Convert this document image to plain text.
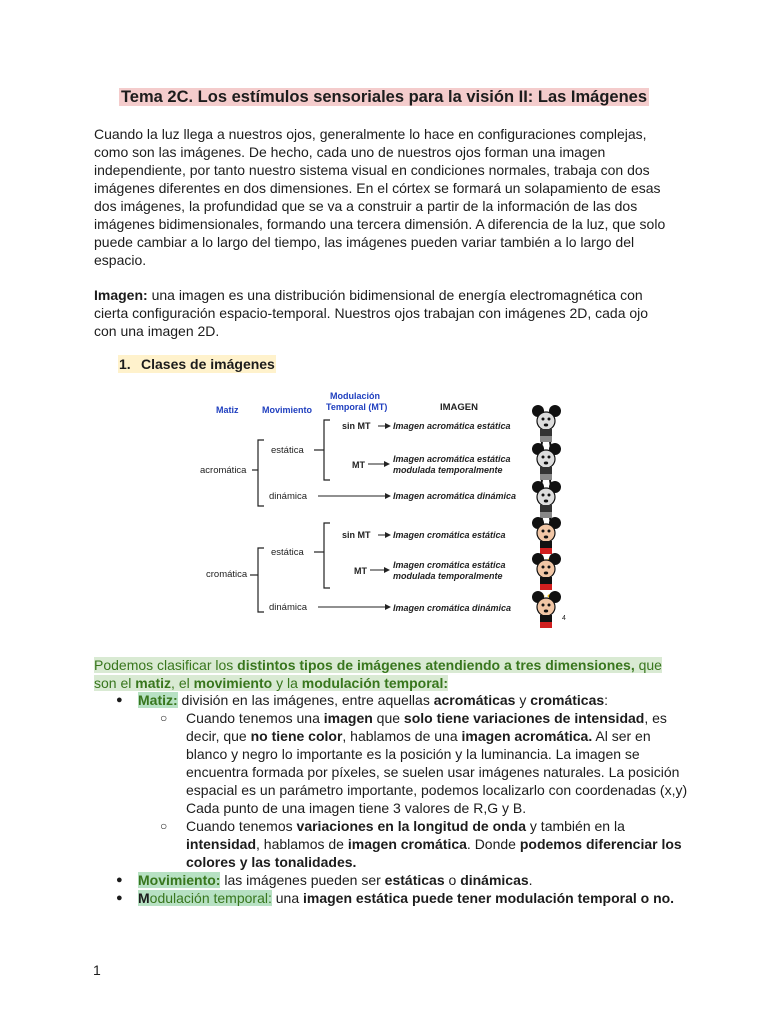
Tema 2C. Los estímulos sensoriales para la visión II: Las Imágenes

Cuando la luz llega a nuestros ojos, generalmente lo hace en configuraciones complejas,
como son las imágenes. De hecho, cada uno de nuestros ojos forman una imagen
independiente, por tanto nuestro sistema visual en condiciones normales, trabaja con dos
imágenes diferentes en dos dimensiones. En el córtex se formará un solapamiento de esas
dos imágenes, la profundidad que se va a construir a partir de la información de las dos
imágenes bidimensionales, formando una tercera dimensión. A diferencia de la luz, que solo
puede cambiar a lo largo del tiempo, las imágenes pueden variar también a lo largo del
espacio.

Imagen: una imagen es una distribución bidimensional de energía electromagnética con
cierta configuración espacio-temporal. Nuestros ojos trabajan con imágenes 2D, cada ojo
con una imagen 2D.

1. Clases de imágenes
Matiz	Movimiento
Modulación
Temporal (MT)	IMAGEN
acromática
estática
dinámica
sin MT	Imagen acromática estática
MT
Imagen acromática estática
modulada temporalmente
Imagen acromática dinámica
cromática
estática
dinámica
sin MT	Imagen cromática estática
MT
Imagen cromática estática
modulada temporalmente
Imagen cromática dinámica
4

Podemos clasificar los distintos tipos de imágenes atendiendo a tres dimensiones, que
son el matiz, el movimiento y la modulación temporal:

● Matiz: división en las imágenes, entre aquellas acromáticas y cromáticas:
○ Cuando tenemos una imagen que solo tiene variaciones de intensidad, es decir, que no tiene color, hablamos de una imagen acromática. Al ser en blanco y negro lo importante es la posición y la luminancia. La imagen se encuentra formada por píxeles, se suelen usar imágenes naturales. La posición espacial es un parámetro importante, podemos localizarlo con coordenadas (x,y) Cada punto de una imagen tiene 3 valores de R,G y B.
○ Cuando tenemos variaciones en la longitud de onda y también en la intensidad, hablamos de imagen cromática. Donde podemos diferenciar los colores y las tonalidades.
● Movimiento: las imágenes pueden ser estáticas o dinámicas.
● Modulación temporal: una imagen estática puede tener modulación temporal o no.
1
